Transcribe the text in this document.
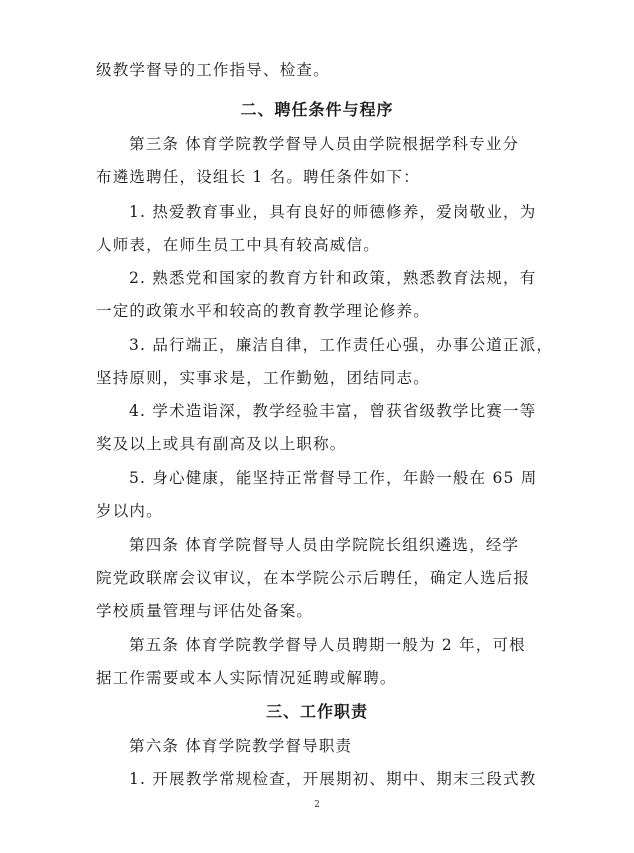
级教学督导的工作指导、检查。
二、聘任条件与程序
第三条 体育学院教学督导人员由学院根据学科专业分
布遴选聘任，设组长 1 名。聘任条件如下：
1. 热爱教育事业，具有良好的师德修养，爱岗敬业，为
人师表，在师生员工中具有较高威信。
2. 熟悉党和国家的教育方针和政策，熟悉教育法规，有
一定的政策水平和较高的教育教学理论修养。
3. 品行端正，廉洁自律，工作责任心强，办事公道正派，
坚持原则，实事求是，工作勤勉，团结同志。
4. 学术造诣深，教学经验丰富，曾获省级教学比赛一等
奖及以上或具有副高及以上职称。
5. 身心健康，能坚持正常督导工作，年龄一般在 65 周
岁以内。
第四条 体育学院督导人员由学院院长组织遴选，经学
院党政联席会议审议，在本学院公示后聘任，确定人选后报
学校质量管理与评估处备案。
第五条 体育学院教学督导人员聘期一般为 2 年，可根
据工作需要或本人实际情况延聘或解聘。
三、工作职责
第六条 体育学院教学督导职责
1. 开展教学常规检查，开展期初、期中、期末三段式教
2
